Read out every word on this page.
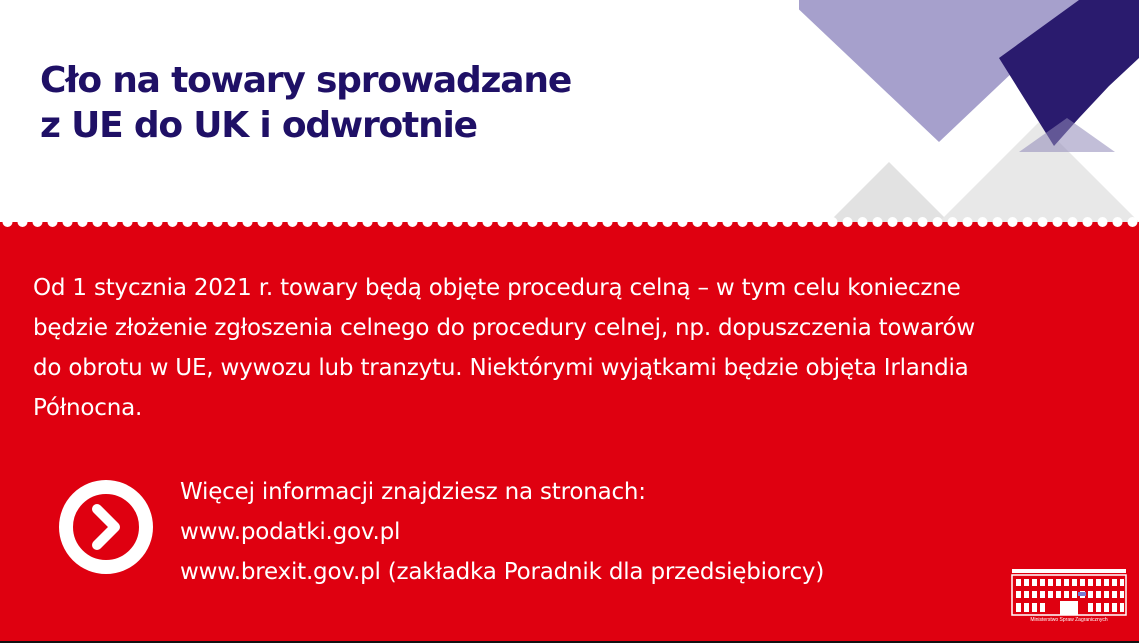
Cło na towary sprowadzane
z UE do UK i odwrotnie
Od 1 stycznia 2021 r. towary będą objęte procedurą celną – w tym celu konieczne
będzie złożenie zgłoszenia celnego do procedury celnej, np. dopuszczenia towarów
do obrotu w UE, wywozu lub tranzytu. Niektórymi wyjątkami będzie objęta Irlandia
Północna.
Więcej informacji znajdziesz na stronach:
www.podatki.gov.pl
www.brexit.gov.pl (zakładka Poradnik dla przedsiębiorcy)
Ministerstwo Spraw Zagranicznych
